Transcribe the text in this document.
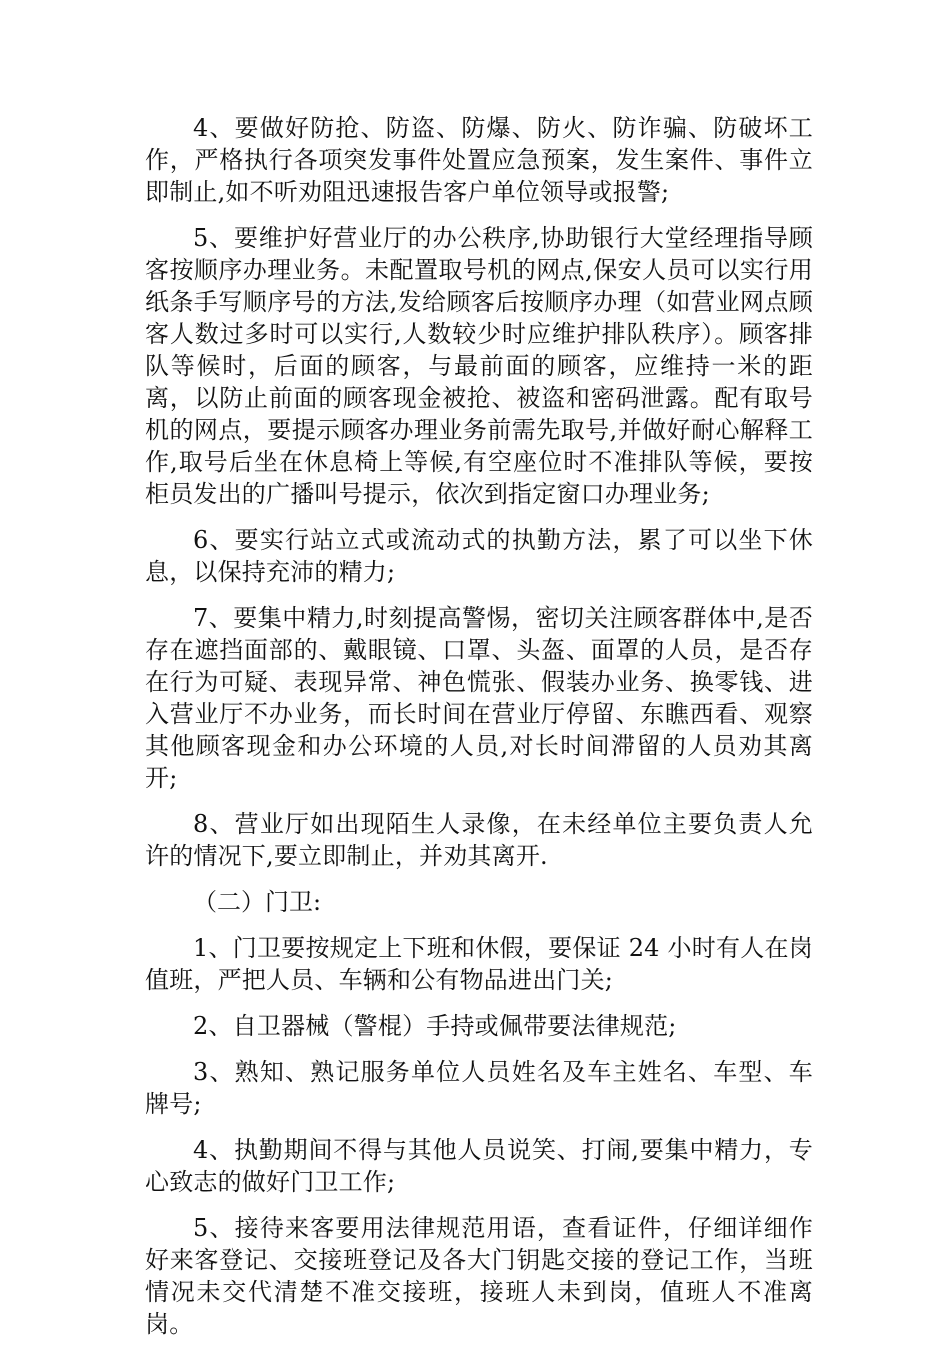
4、要做好防抢、防盗、防爆、防火、防诈骗、防破坏工作，严格执行各项突发事件处置应急预案，发生案件、事件立即制止,如不听劝阻迅速报告客户单位领导或报警;

5、要维护好营业厅的办公秩序,协助银行大堂经理指导顾客按顺序办理业务。未配置取号机的网点,保安人员可以实行用纸条手写顺序号的方法,发给顾客后按顺序办理（如营业网点顾客人数过多时可以实行,人数较少时应维护排队秩序）。顾客排队等候时，后面的顾客，与最前面的顾客，应维持一米的距离，以防止前面的顾客现金被抢、被盗和密码泄露。配有取号机的网点，要提示顾客办理业务前需先取号,并做好耐心解释工作,取号后坐在休息椅上等候,有空座位时不准排队等候，要按柜员发出的广播叫号提示，依次到指定窗口办理业务;

6、要实行站立式或流动式的执勤方法，累了可以坐下休息，以保持充沛的精力;

7、要集中精力,时刻提高警惕，密切关注顾客群体中,是否存在遮挡面部的、戴眼镜、口罩、头盔、面罩的人员，是否存在行为可疑、表现异常、神色慌张、假装办业务、换零钱、进入营业厅不办业务，而长时间在营业厅停留、东瞧西看、观察其他顾客现金和办公环境的人员,对长时间滞留的人员劝其离开;

8、营业厅如出现陌生人录像，在未经单位主要负责人允许的情况下,要立即制止，并劝其离开.

（二）门卫:

1、门卫要按规定上下班和休假，要保证 24 小时有人在岗值班，严把人员、车辆和公有物品进出门关;

2、自卫器械（警棍）手持或佩带要法律规范;

3、熟知、熟记服务单位人员姓名及车主姓名、车型、车牌号;

4、执勤期间不得与其他人员说笑、打闹,要集中精力，专心致志的做好门卫工作;

5、接待来客要用法律规范用语，查看证件，仔细详细作好来客登记、交接班登记及各大门钥匙交接的登记工作，当班情况未交代清楚不准交接班，接班人未到岗，值班人不准离岗。
